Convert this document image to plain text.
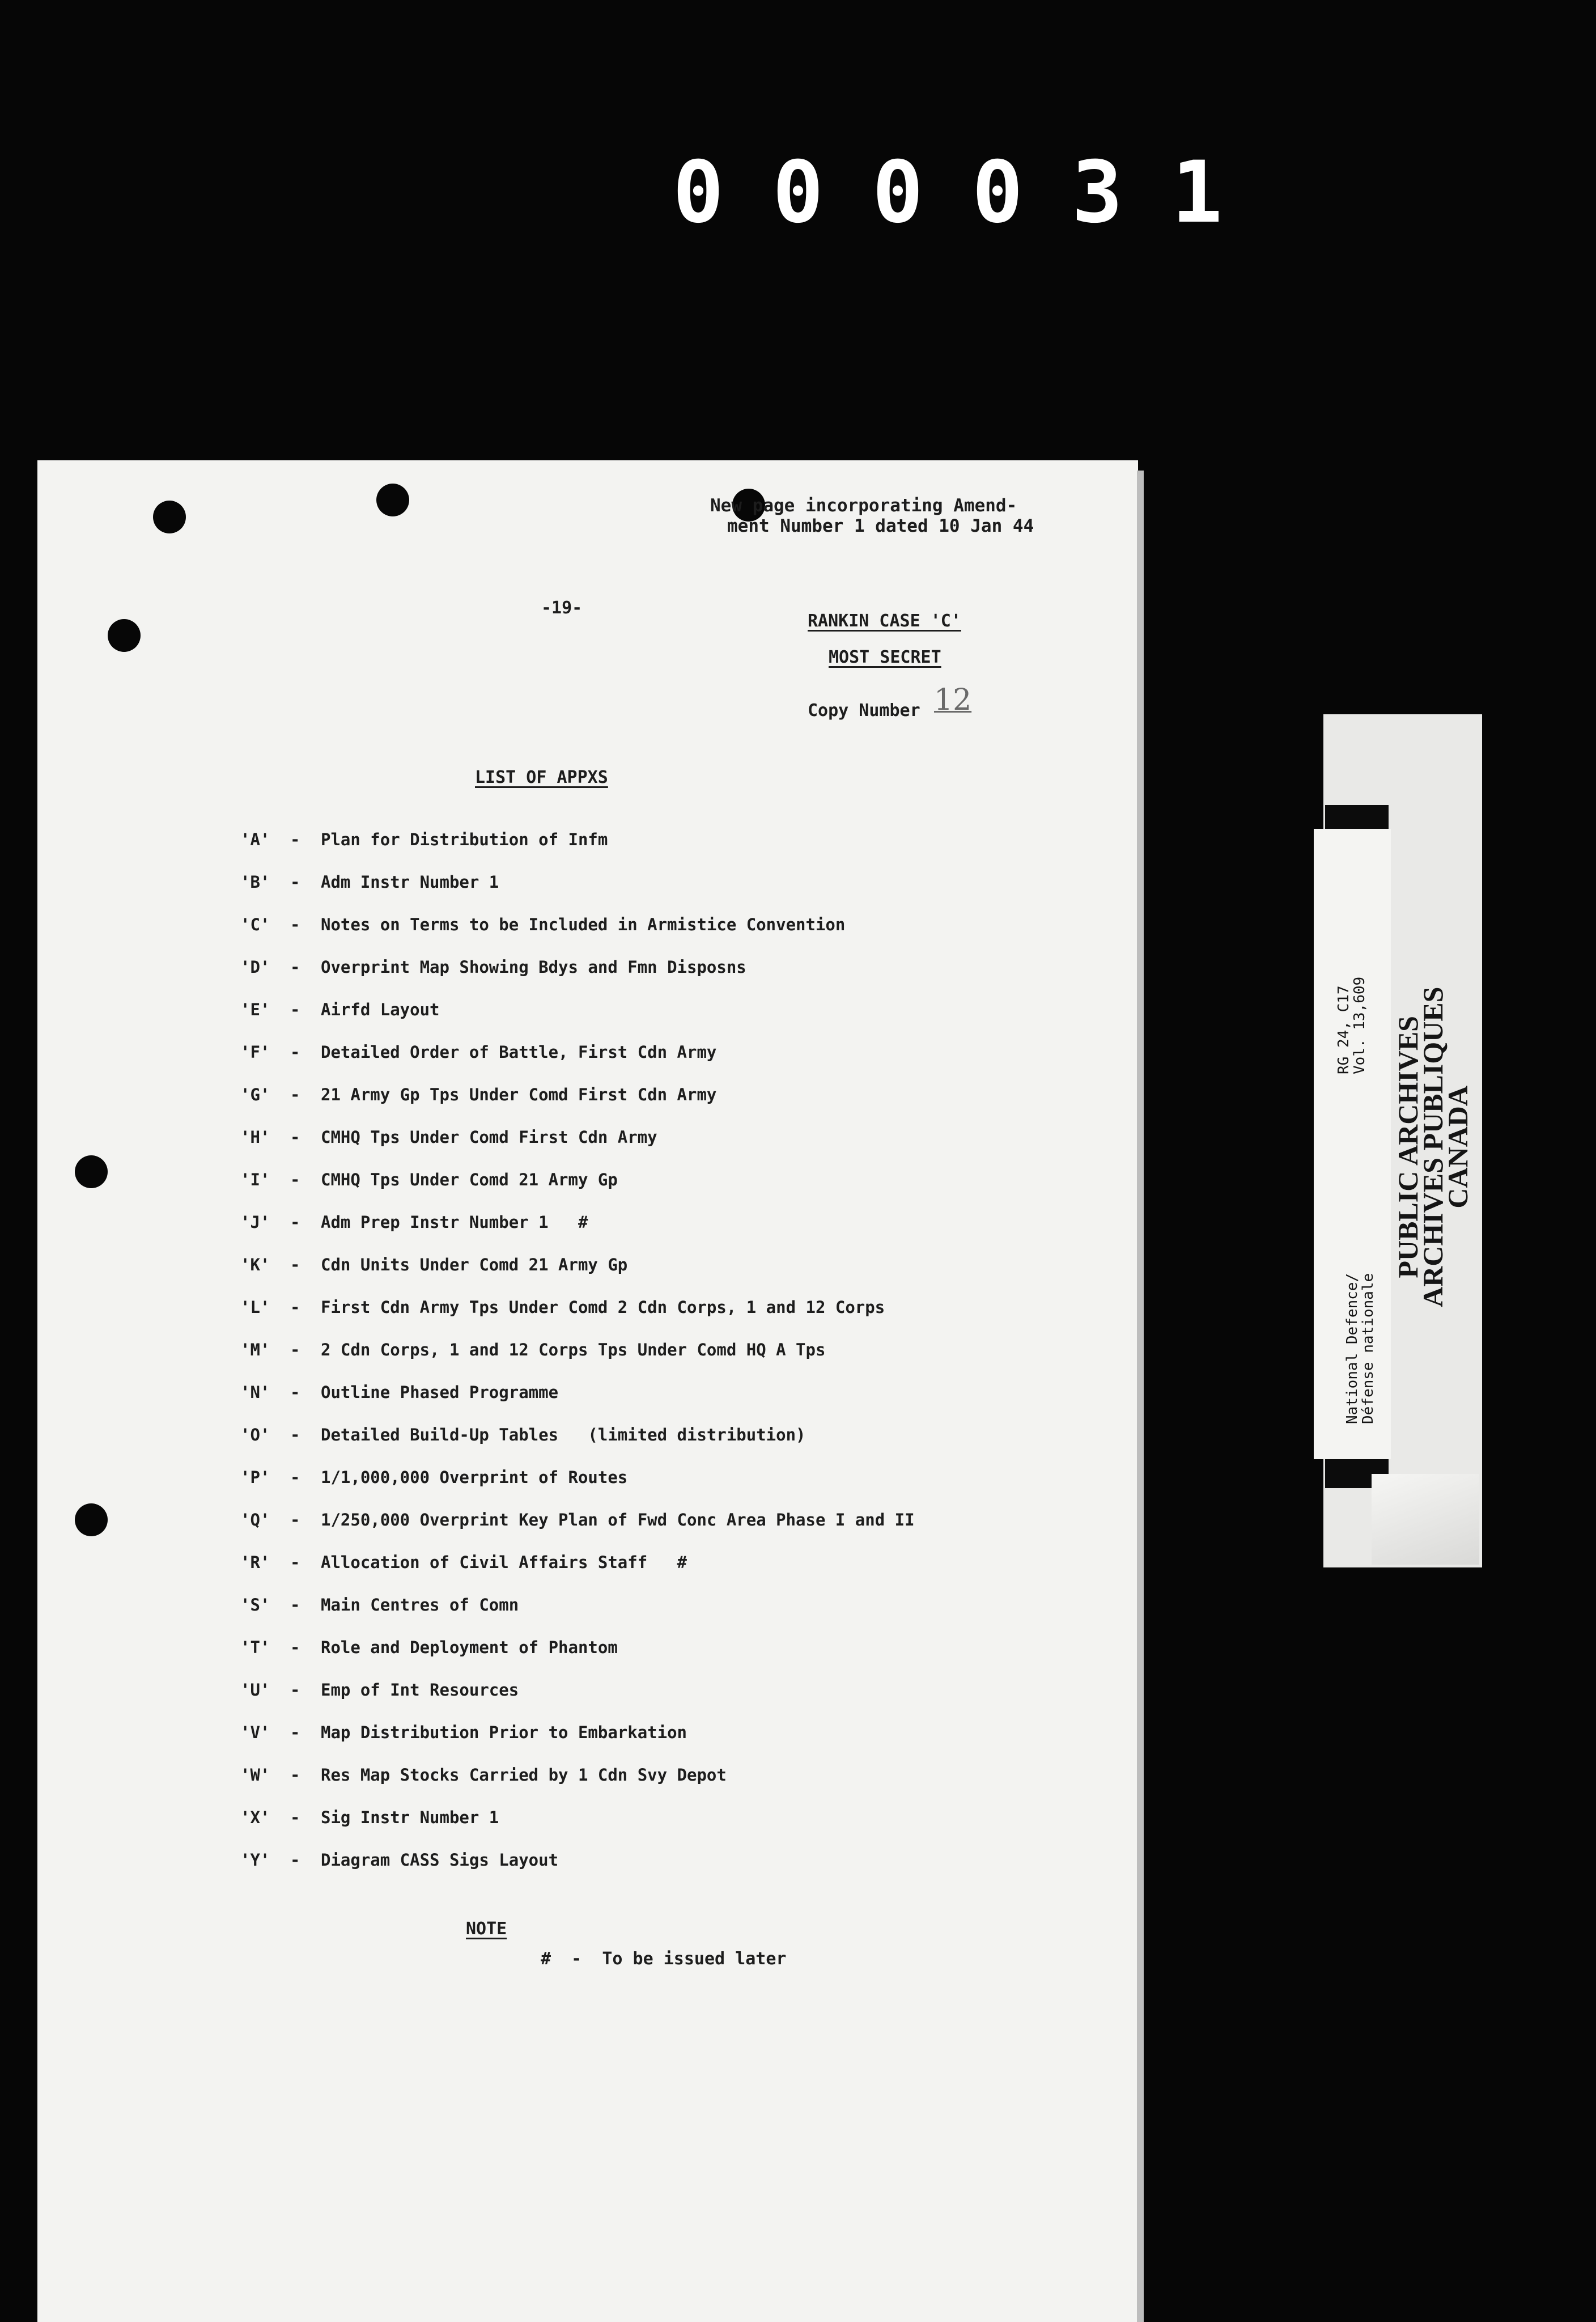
0 0 0 0 3 1
New page incorporating Amend-
ment Number 1 dated 10 Jan 44
-19-
RANKIN CASE 'C'
MOST SECRET
Copy Number 12
LIST OF APPXS
'A'	-	Plan for Distribution of Infm
'B'	-	Adm Instr Number 1
'C'	-	Notes on Terms to be Included in Armistice Convention
'D'	-	Overprint Map Showing Bdys and Fmn Disposns
'E'	-	Airfd Layout
'F'	-	Detailed Order of Battle, First Cdn Army
'G'	-	21 Army Gp Tps Under Comd First Cdn Army
'H'	-	CMHQ Tps Under Comd First Cdn Army
'I'	-	CMHQ Tps Under Comd 21 Army Gp
'J'	-	Adm Prep Instr Number 1   #
'K'	-	Cdn Units Under Comd 21 Army Gp
'L'	-	First Cdn Army Tps Under Comd 2 Cdn Corps, 1 and 12 Corps
'M'	-	2 Cdn Corps, 1 and 12 Corps Tps Under Comd HQ A Tps
'N'	-	Outline Phased Programme
'O'	-	Detailed Build-Up Tables   (limited distribution)
'P'	-	1/1,000,000 Overprint of Routes
'Q'	-	1/250,000 Overprint Key Plan of Fwd Conc Area Phase I and II
'R'	-	Allocation of Civil Affairs Staff   #
'S'	-	Main Centres of Comn
'T'	-	Role and Deployment of Phantom
'U'	-	Emp of Int Resources
'V'	-	Map Distribution Prior to Embarkation
'W'	-	Res Map Stocks Carried by 1 Cdn Svy Depot
'X'	-	Sig Instr Number 1
'Y'	-	Diagram CASS Sigs Layout
NOTE
#  -  To be issued later
RG 24, C17
Vol. 13,609
National Defence/
Défense nationale
PUBLIC ARCHIVES
ARCHIVES PUBLIQUES
CANADA
